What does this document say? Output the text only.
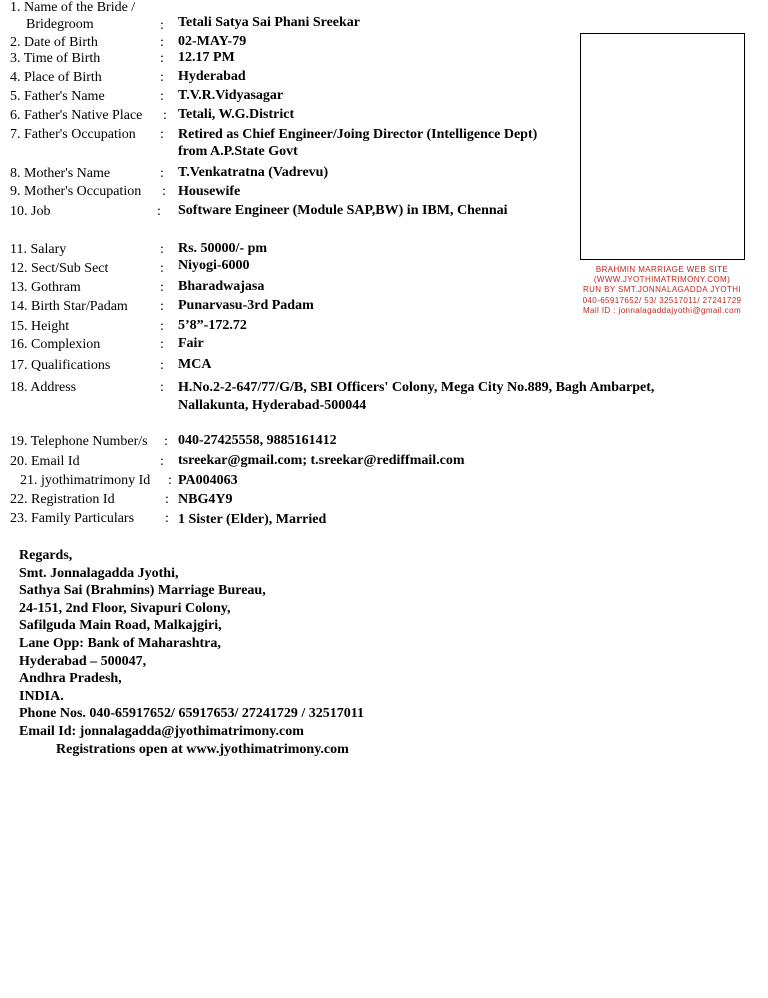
1. Name of the Bride /
Bridegroom	: Tetali Satya Sai Phani Sreekar
2. Date of Birth	: 02-MAY-79
3. Time of Birth	: 12.17 PM
4. Place of Birth	: Hyderabad
5. Father's Name	: T.V.R.Vidyasagar
6. Father's Native Place : Tetali, W.G.District
7. Father's Occupation : Retired as Chief Engineer/Joing Director (Intelligence Dept) from A.P.State Govt
8. Mother's Name	: T.Venkatratna (Vadrevu)
9. Mother's Occupation : Housewife
10. Job	: Software Engineer (Module SAP,BW) in IBM, Chennai
11. Salary	: Rs. 50000/- pm
12. Sect/Sub Sect	: Niyogi-6000
13. Gothram	: Bharadwajasa
14. Birth Star/Padam : Punarvasu-3rd Padam
15. Height	: 5’8”-172.72
16. Complexion	: Fair
17. Qualifications	: MCA
18. Address	: H.No.2-2-647/77/G/B, SBI Officers' Colony, Mega City No.889, Bagh Ambarpet, Nallakunta, Hyderabad-500044
19. Telephone Number/s : 040-27425558, 9885161412
20. Email Id	: tsreekar@gmail.com; t.sreekar@rediffmail.com
21. jyothimatrimony Id : PA004063
22. Registration Id	: NBG4Y9
23. Family Particulars : 1 Sister (Elder), Married
BRAHMIN MARRIAGE WEB SITE
(WWW.JYOTHIMATRIMONY.COM)
RUN BY SMT.JONNALAGADDA JYOTHI
040-65917652/ 53/ 32517011/ 27241729
Mail ID : jonnalagaddajyothi@gmail.com
Regards,
Smt. Jonnalagadda Jyothi,
Sathya Sai (Brahmins) Marriage Bureau,
24-151, 2nd Floor, Sivapuri Colony,
Safilguda Main Road, Malkajgiri,
Lane Opp: Bank of Maharashtra,
Hyderabad – 500047,
Andhra Pradesh,
INDIA.
Phone Nos. 040-65917652/ 65917653/ 27241729 / 32517011
Email Id: jonnalagadda@jyothimatrimony.com
Registrations open at www.jyothimatrimony.com
